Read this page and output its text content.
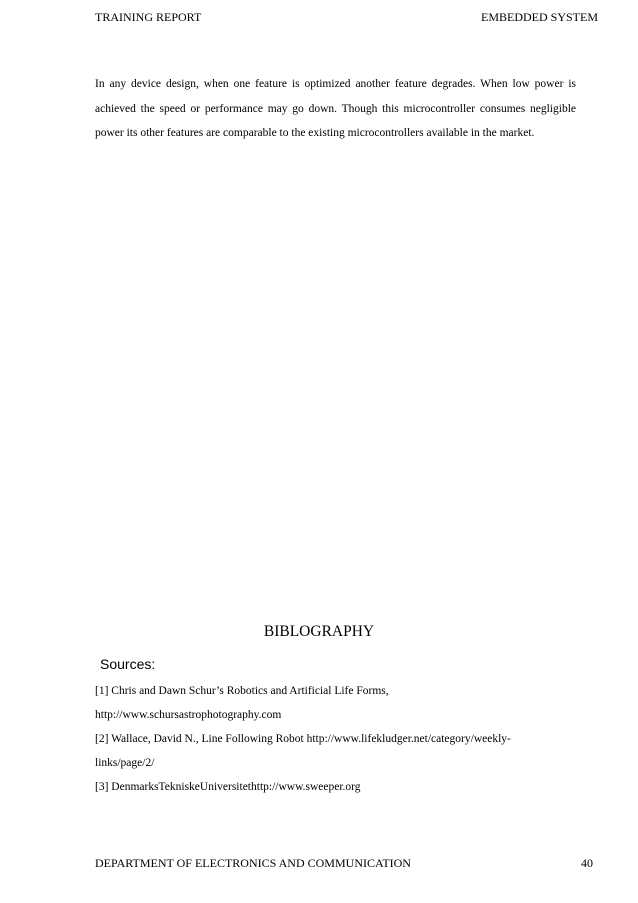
TRAINING REPORT	EMBEDDED SYSTEM

In any device design, when one feature is optimized another feature degrades. When low power is achieved the speed or performance may go down. Though this microcontroller consumes negligible power its other features are comparable to the existing microcontrollers available in the market.

BIBLOGRAPHY
Sources:
[1] Chris and Dawn Schur’s Robotics and Artificial Life Forms,
http://www.schursastrophotography.com
[2] Wallace, David N., Line Following Robot http://www.lifekludger.net/category/weekly-
links/page/2/
[3] DenmarksTekniskeUniversitethttp://www.sweeper.org
DEPARTMENT OF ELECTRONICS AND COMMUNICATION	40
